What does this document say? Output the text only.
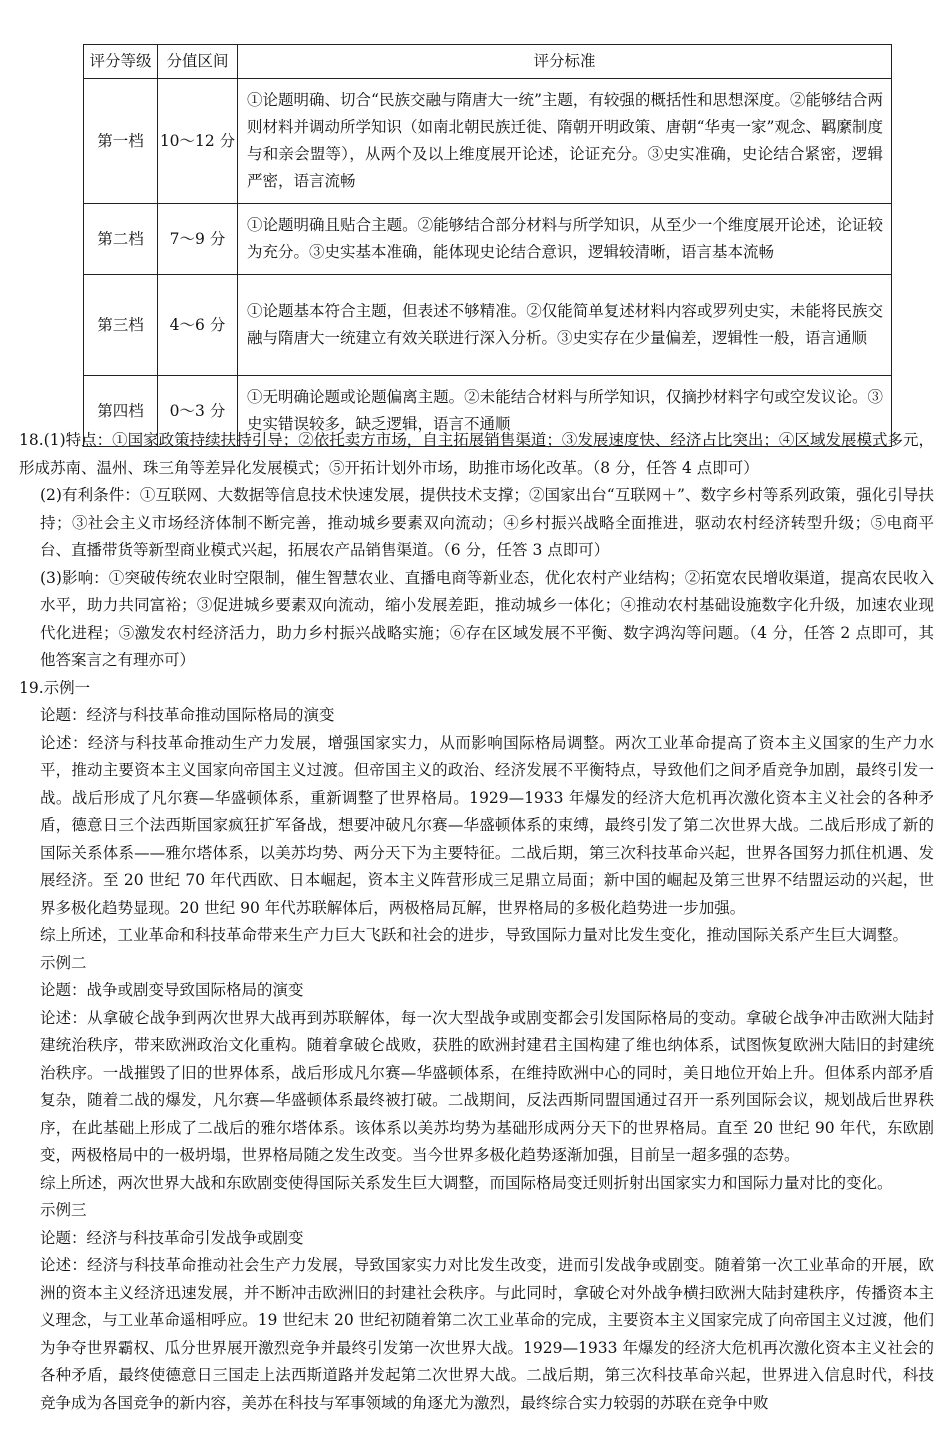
评分等级	分值区间	评分标准
第一档	10～12 分	①论题明确、切合“民族交融与隋唐大一统”主题，有较强的概括性和思想深度。②能够结合两则材料并调动所学知识（如南北朝民族迁徙、隋朝开明政策、唐朝“华夷一家”观念、羁縻制度与和亲会盟等），从两个及以上维度展开论述，论证充分。③史实准确，史论结合紧密，逻辑严密，语言流畅
第二档	7～9 分	①论题明确且贴合主题。②能够结合部分材料与所学知识，从至少一个维度展开论述，论证较为充分。③史实基本准确，能体现史论结合意识，逻辑较清晰，语言基本流畅
第三档	4～6 分	①论题基本符合主题，但表述不够精准。②仅能简单复述材料内容或罗列史实，未能将民族交融与隋唐大一统建立有效关联进行深入分析。③史实存在少量偏差，逻辑性一般，语言通顺
第四档	0～3 分	①无明确论题或论题偏离主题。②未能结合材料与所学知识，仅摘抄材料字句或空发议论。③史实错误较多，缺乏逻辑，语言不通顺

18.(1)特点：①国家政策持续扶持引导；②依托卖方市场，自主拓展销售渠道；③发展速度快、经济占比突出；④区域发展模式多元，形成苏南、温州、珠三角等差异化发展模式；⑤开拓计划外市场，助推市场化改革。（8 分，任答 4 点即可）

(2)有利条件：①互联网、大数据等信息技术快速发展，提供技术支撑；②国家出台“互联网＋”、数字乡村等系列政策，强化引导扶持；③社会主义市场经济体制不断完善，推动城乡要素双向流动；④乡村振兴战略全面推进，驱动农村经济转型升级；⑤电商平台、直播带货等新型商业模式兴起，拓展农产品销售渠道。（6 分，任答 3 点即可）

(3)影响：①突破传统农业时空限制，催生智慧农业、直播电商等新业态，优化农村产业结构；②拓宽农民增收渠道，提高农民收入水平，助力共同富裕；③促进城乡要素双向流动，缩小发展差距，推动城乡一体化；④推动农村基础设施数字化升级，加速农业现代化进程；⑤激发农村经济活力，助力乡村振兴战略实施；⑥存在区域发展不平衡、数字鸿沟等问题。（4 分，任答 2 点即可，其他答案言之有理亦可）

19.示例一

论题：经济与科技革命推动国际格局的演变

论述：经济与科技革命推动生产力发展，增强国家实力，从而影响国际格局调整。两次工业革命提高了资本主义国家的生产力水平，推动主要资本主义国家向帝国主义过渡。但帝国主义的政治、经济发展不平衡特点，导致他们之间矛盾竞争加剧，最终引发一战。战后形成了凡尔赛—华盛顿体系，重新调整了世界格局。1929—1933 年爆发的经济大危机再次激化资本主义社会的各种矛盾，德意日三个法西斯国家疯狂扩军备战，想要冲破凡尔赛—华盛顿体系的束缚，最终引发了第二次世界大战。二战后形成了新的国际关系体系——雅尔塔体系，以美苏均势、两分天下为主要特征。二战后期，第三次科技革命兴起，世界各国努力抓住机遇、发展经济。至 20 世纪 70 年代西欧、日本崛起，资本主义阵营形成三足鼎立局面；新中国的崛起及第三世界不结盟运动的兴起，世界多极化趋势显现。20 世纪 90 年代苏联解体后，两极格局瓦解，世界格局的多极化趋势进一步加强。

综上所述，工业革命和科技革命带来生产力巨大飞跃和社会的进步，导致国际力量对比发生变化，推动国际关系产生巨大调整。

示例二

论题：战争或剧变导致国际格局的演变

论述：从拿破仑战争到两次世界大战再到苏联解体，每一次大型战争或剧变都会引发国际格局的变动。拿破仑战争冲击欧洲大陆封建统治秩序，带来欧洲政治文化重构。随着拿破仑战败，获胜的欧洲封建君主国构建了维也纳体系，试图恢复欧洲大陆旧的封建统治秩序。一战摧毁了旧的世界体系，战后形成凡尔赛—华盛顿体系，在维持欧洲中心的同时，美日地位开始上升。但体系内部矛盾复杂，随着二战的爆发，凡尔赛—华盛顿体系最终被打破。二战期间，反法西斯同盟国通过召开一系列国际会议，规划战后世界秩序，在此基础上形成了二战后的雅尔塔体系。该体系以美苏均势为基础形成两分天下的世界格局。直至 20 世纪 90 年代，东欧剧变，两极格局中的一极坍塌，世界格局随之发生改变。当今世界多极化趋势逐渐加强，目前呈一超多强的态势。

综上所述，两次世界大战和东欧剧变使得国际关系发生巨大调整，而国际格局变迁则折射出国家实力和国际力量对比的变化。

示例三

论题：经济与科技革命引发战争或剧变

论述：经济与科技革命推动社会生产力发展，导致国家实力对比发生改变，进而引发战争或剧变。随着第一次工业革命的开展，欧洲的资本主义经济迅速发展，并不断冲击欧洲旧的封建社会秩序。与此同时，拿破仑对外战争横扫欧洲大陆封建秩序，传播资本主义理念，与工业革命遥相呼应。19 世纪末 20 世纪初随着第二次工业革命的完成，主要资本主义国家完成了向帝国主义过渡，他们为争夺世界霸权、瓜分世界展开激烈竞争并最终引发第一次世界大战。1929—1933 年爆发的经济大危机再次激化资本主义社会的各种矛盾，最终使德意日三国走上法西斯道路并发起第二次世界大战。二战后期，第三次科技革命兴起，世界进入信息时代，科技竞争成为各国竞争的新内容，美苏在科技与军事领域的角逐尤为激烈，最终综合实力较弱的苏联在竞争中败
